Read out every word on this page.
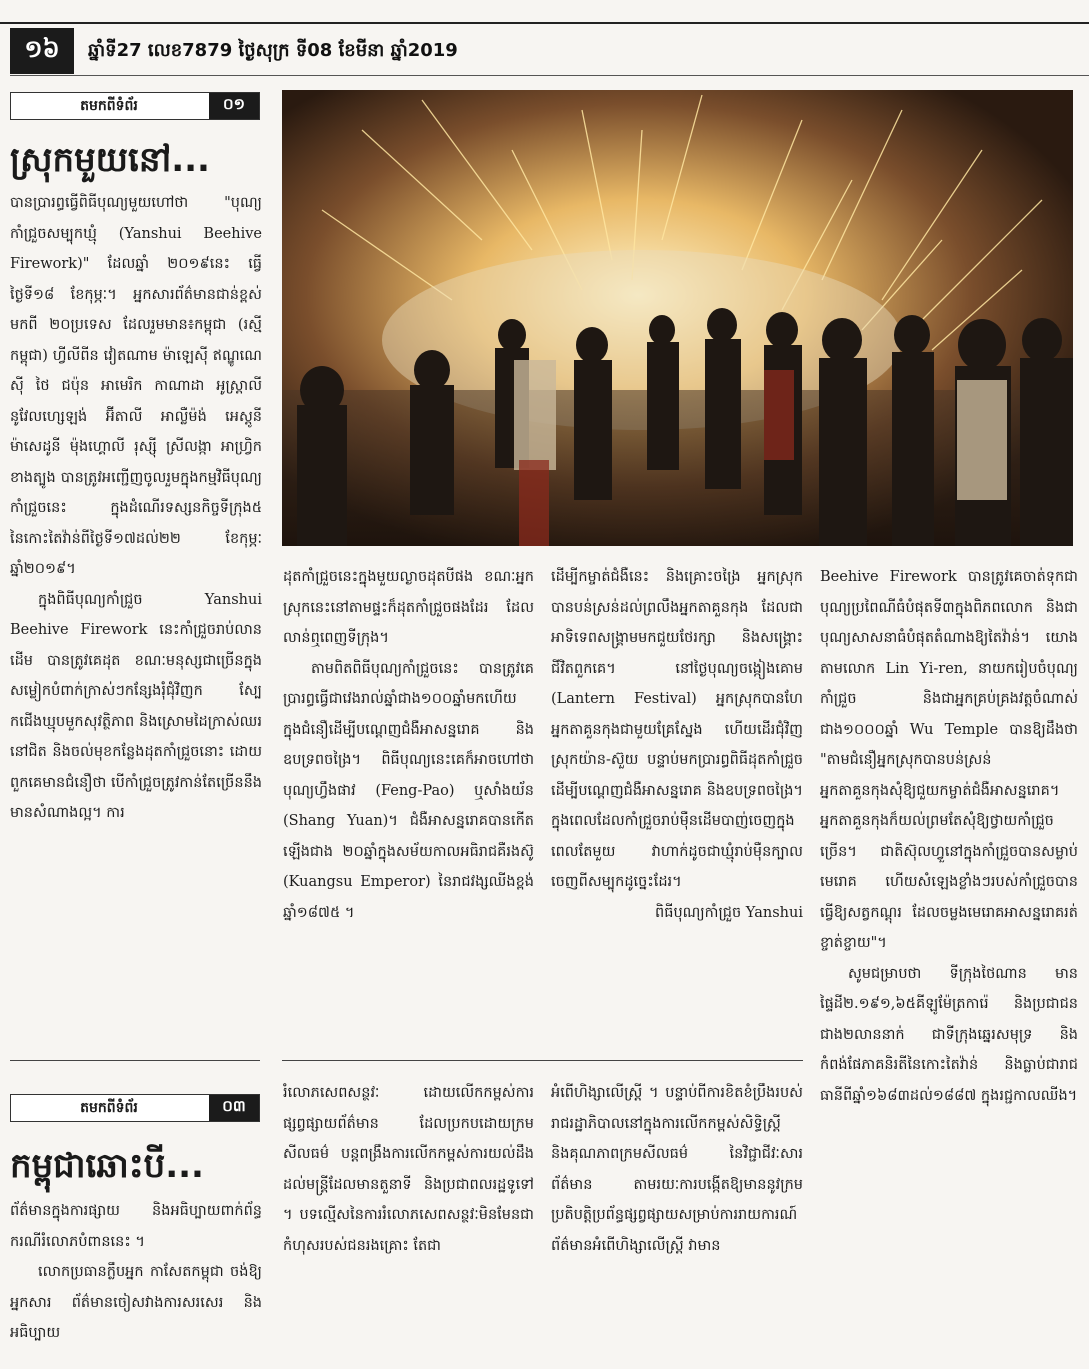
១៦	ឆ្នាំទី27 លេខ7879 ថ្ងៃសុក្រ ទី08 ខែមីនា ឆ្នាំ2019
តមកពីទំព័រ	០១
ស្រុកមួយនៅ...

បានប្រារព្ធធ្វើពិធីបុណ្យមួយហៅថា "បុណ្យកាំជ្រួចសម្បុកឃ្មុំ (Yanshui Beehive Firework)" ដែលឆ្នាំ ២០១៩នេះ ធ្វើថ្ងៃទី១៨ ខែកុម្ភៈ។ អ្នកសារព័ត៌មានជាន់ខ្ពស់មកពី ២០ប្រទេស ដែលរួមមាន៖កម្ពុជា (រស្មីកម្ពុជា) ហ្វីលីពីន វៀតណាម ម៉ាឡេស៊ី ឥណ្ឌូណេស៊ី ថៃ ជប៉ុន អាមេរិក កាណាដា អូស្ត្រាលី នូវែលហ្សេឡង់ អ៊ីតាលី អាល្លឺម៉ង់ អេស្តូនី ម៉ាសេដូនី ម៉ុងហ្គោលី រុស្ស៊ី ស្រីលង្កា អាហ្វ្រិកខាងត្បូង បានត្រូវអញ្ជើញចូលរួមក្នុងកម្មវិធីបុណ្យកាំជ្រួចនេះ ក្នុងដំណើរទស្សនកិច្ចទីក្រុង៥ នៃកោះតៃវ៉ាន់ពីថ្ងៃទី១៧ដល់២២ ខែកុម្ភៈ ឆ្នាំ២០១៩។

ក្នុងពិធីបុណ្យកាំជ្រួច Yanshui Beehive Firework នេះកាំជ្រួចរាប់លានដើម បានត្រូវគេដុត ខណៈមនុស្សជាច្រើនក្នុងសម្លៀកបំពាក់ក្រាស់ៗកន្សែងរុំជុំវិញក ស្បែកជើងឃ្មុបមួកសុវត្ថិភាព និងស្រោមដៃក្រាស់ឈរនៅជិត និងចល់មុខកន្លែងដុតកាំជ្រួចនោះ ដោយពួកគេមានជំនឿថា បើកាំជ្រួចត្រូវកាន់តែច្រើននឹងមានសំណាងល្អ។ ការ

ដុតកាំជ្រួចនេះក្នុងមួយល្ងាចដុតបីផង ខណៈអ្នកស្រុកនេះនៅតាមផ្ទះក៏ដុតកាំជ្រួចផងដែរ ដែលលាន់ឮពេញទីក្រុង។

តាមពិតពិធីបុណ្យកាំជ្រួចនេះ បានត្រូវគេប្រារព្ធធ្វើជាវេងរាល់ឆ្នាំជាង១០០ឆ្នាំមកហើយ ក្នុងជំនឿដើម្បីបណ្ដេញជំងឺអាសន្នរោគ និងឧបទ្រពចង្រៃ។ ពិធីបុណ្យនេះគេក៏អាចហៅថា បុណ្យហ្វឹងផាវ (Feng-Pao) ឬសាំងយ័ន (Shang Yuan)។ ជំងឺអាសន្នរោគបានកើតឡើងជាង ២០ឆ្នាំក្នុងសម័យកាលអធិរាជគឺរងស៊ូ (Kuangsu Emperor) នៃរាជវង្សឈីងខ្ពង់ឆ្នាំ១៨៧៥ ។

ដើម្បីកម្ចាត់ជំងឺនេះ និងគ្រោះចង្រៃ អ្នកស្រុកបានបន់ស្រន់ដល់ព្រលឹងអ្នកតាគួនកុង ដែលជាអាទិទេពសង្គ្រាមមកជួយថែរក្សា និងសង្គ្រោះជីវិតពួកគេ។ នៅថ្ងៃបុណ្យចង្កៀងគោម (Lantern Festival) អ្នកស្រុកបានហែអ្នកតាគួនកុងជាមួយគ្រែស្នែង ហើយដើរជុំវិញស្រុកយ៉ាន-ស៊ួយ បន្ទាប់មកប្រារព្ធពិធីដុតកាំជ្រួចដើម្បីបណ្ដេញជំងឺអាសន្នរោគ និងឧបទ្រពចង្រៃ។ ក្នុងពេលដែលកាំជ្រួចរាប់ម៉ឺនដើមបាញ់ចេញក្នុងពេលតែមួយ វាហាក់ដូចជាឃ្មុំរាប់ម៉ឺនក្បាលចេញពីសម្បុកដូច្នេះដែរ។

ពិធីបុណ្យកាំជ្រួច Yanshui

Beehive Firework បានត្រូវគេចាត់ទុកជាបុណ្យប្រពៃណីធំបំផុតទី៣ក្នុងពិភពលោក និងជាបុណ្យសាសនាធំបំផុតតំណាងឱ្យតៃវ៉ាន់។ យោងតាមលោក Lin Yi-ren, នាយករៀបចំបុណ្យកាំជ្រួច និងជាអ្នកគ្រប់គ្រងវត្តចំណាស់ជាង១០០០ឆ្នាំ Wu Temple បានឱ្យដឹងថា "តាមជំនឿអ្នកស្រុកបានបន់ស្រន់អ្នកតាគួនកុងសុំឱ្យជួយកម្ចាត់ជំងឺអាសន្នរោគ។ អ្នកតាគួនកុងក៏យល់ព្រមតែសុំឱ្យថ្វាយកាំជ្រួចច្រើន។ ជាតិស៊ុលហ្វួនៅក្នុងកាំជ្រួចបានសម្លាប់មេរោគ ហើយសំឡេងខ្លាំងៗរបស់កាំជ្រួចបានធ្វើឱ្យសត្វកណ្ដុរ ដែលចម្លងមេរោគអាសន្នរោគរត់ខ្ចាត់ខ្ចាយ"។

សូមជម្រាបថា ទីក្រុងថៃណាន មានផ្ទៃដី២.១៩១,៦៥គីឡូម៉ែត្រការ៉េ និងប្រជាជនជាង២លាននាក់ ជាទីក្រុងឆ្នេរសមុទ្រ និងកំពង់ផែភាគនិរតីនៃកោះតៃវ៉ាន់ និងធ្លាប់ជារាជធានីពីឆ្នាំ១៦៨៣ដល់១៨៨៧ ក្នុងរជ្ជកាលឈីង។

តមកពីទំព័រ	០៣
កម្ពុជាឆោះបី...

ព័ត៌មានក្នុងការផ្សាយ និងអធិប្បាយពាក់ព័ន្ធករណីរំលោភបំពាននេះ ។

លោកប្រធានក្លឹបអ្នក កាសែតកម្ពុជា ចង់ឱ្យអ្នកសារ ព័ត៌មានចៀសវាងការសរសេរ និងអធិប្បាយ

រំលោភសេពសន្ថវៈ ដោយលើកកម្ពស់ការផ្សព្វផ្សាយព័ត៌មាន ដែលប្រកបដោយក្រមសីលធម៌ បន្តពង្រឹងការលើកកម្ពស់ការយល់ដឹងដល់មន្ត្រីដែលមានតួនាទី និងប្រជាពលរដ្ឋទូទៅ ។ បទល្មើសនៃការរំលោភសេពសន្ថវៈមិនមែនជាកំហុសរបស់ជនរងគ្រោះ តែជា

អំពើហិង្សាលើស្ត្រី ។ បន្ទាប់ពីការខិតខំប្រឹងរបស់រាជរដ្ឋាភិបាលនៅក្នុងការលើកកម្ពស់សិទ្ធិស្ត្រី និងគុណភាពក្រមសីលធម៌ នៃវិជ្ជាជីវៈសារព័ត៌មាន តាមរយៈការបង្កើតឱ្យមាននូវក្រមប្រតិបត្តិប្រព័ន្ធផ្សព្វផ្សាយសម្រាប់ការរាយការណ៍ព័ត៌មានអំពើហិង្សាលើស្ត្រី វាមាន
